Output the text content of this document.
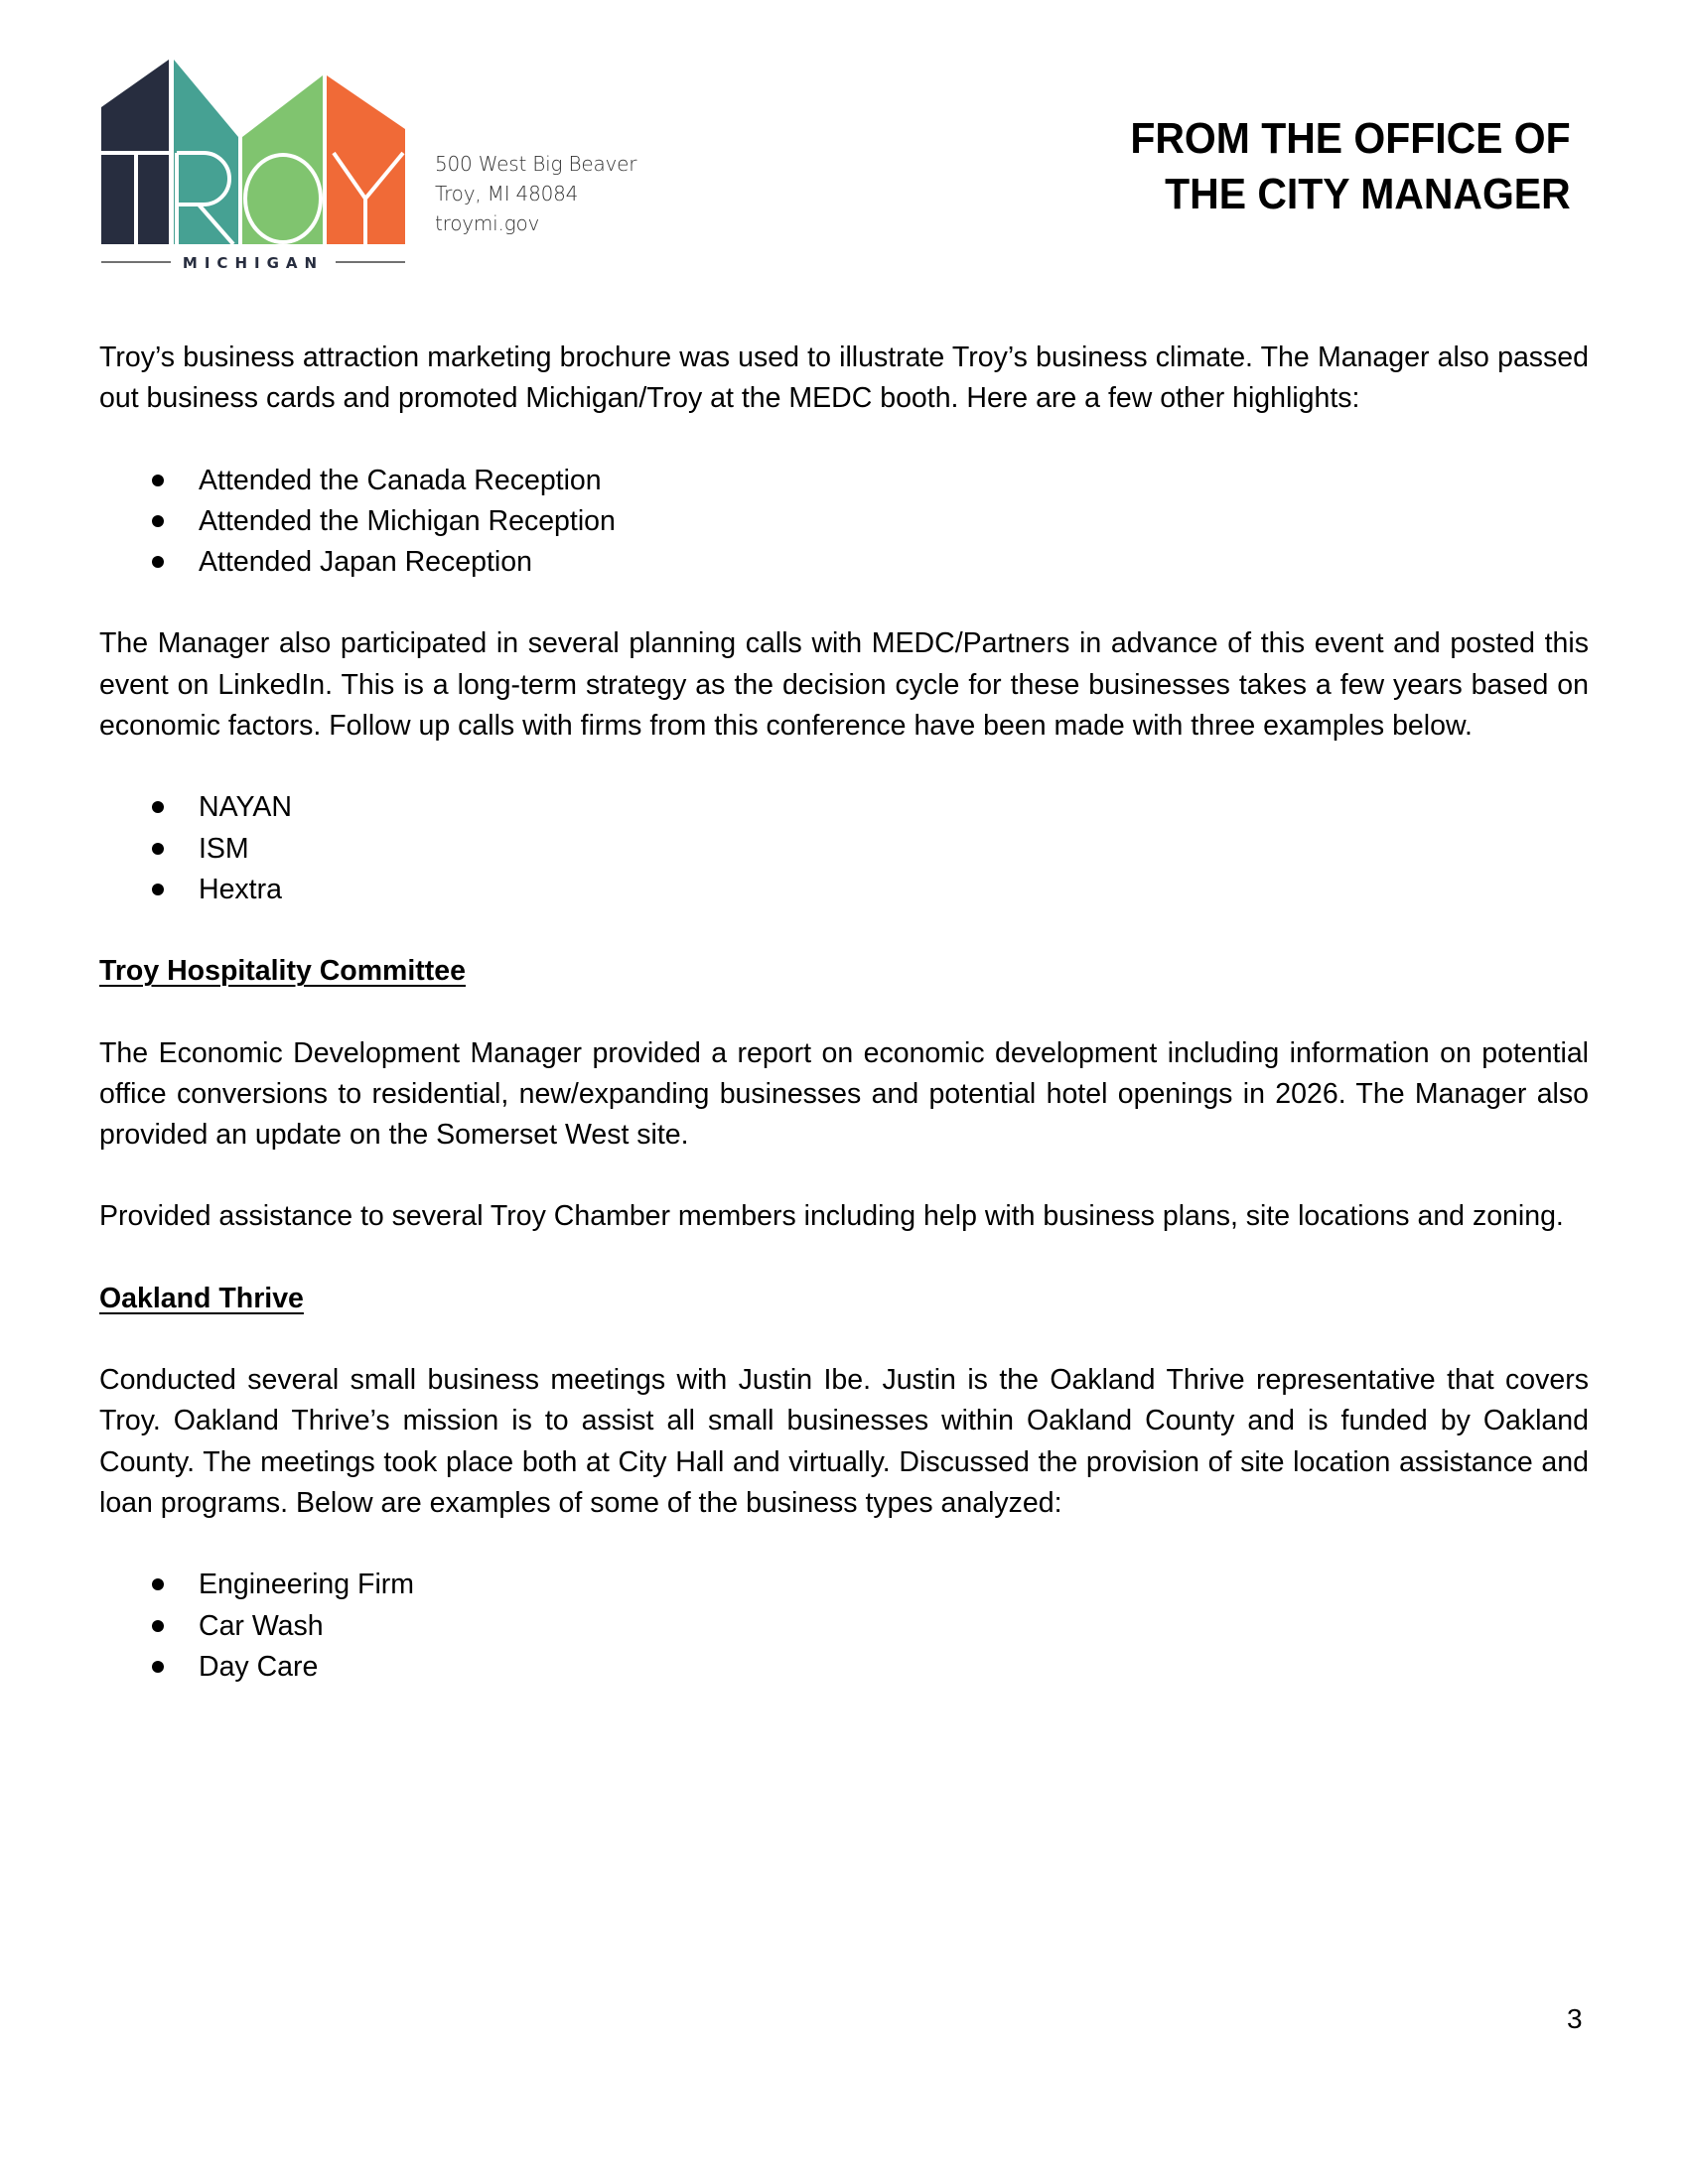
MICHIGAN
500 West Big Beaver
Troy, MI 48084
troymi.gov
FROM THE OFFICE OF
THE CITY MANAGER

Troy’s business attraction marketing brochure was used to illustrate Troy’s business climate. The Manager also passed out business cards and promoted Michigan/Troy at the MEDC booth. Here are a few other highlights:

Attended the Canada Reception
Attended the Michigan Reception
Attended Japan Reception

The Manager also participated in several planning calls with MEDC/Partners in advance of this event and posted this event on LinkedIn. This is a long-term strategy as the decision cycle for these businesses takes a few years based on economic factors. Follow up calls with firms from this conference have been made with three examples below.

NAYAN
ISM
Hextra
Troy Hospitality Committee

The Economic Development Manager provided a report on economic development including information on potential office conversions to residential, new/expanding businesses and potential hotel openings in 2026. The Manager also provided an update on the Somerset West site.

Provided assistance to several Troy Chamber members including help with business plans, site locations and zoning.

Oakland Thrive

Conducted several small business meetings with Justin Ibe. Justin is the Oakland Thrive representative that covers Troy. Oakland Thrive’s mission is to assist all small businesses within Oakland County and is funded by Oakland County. The meetings took place both at City Hall and virtually. Discussed the provision of site location assistance and loan programs. Below are examples of some of the business types analyzed:

Engineering Firm
Car Wash
Day Care
3
